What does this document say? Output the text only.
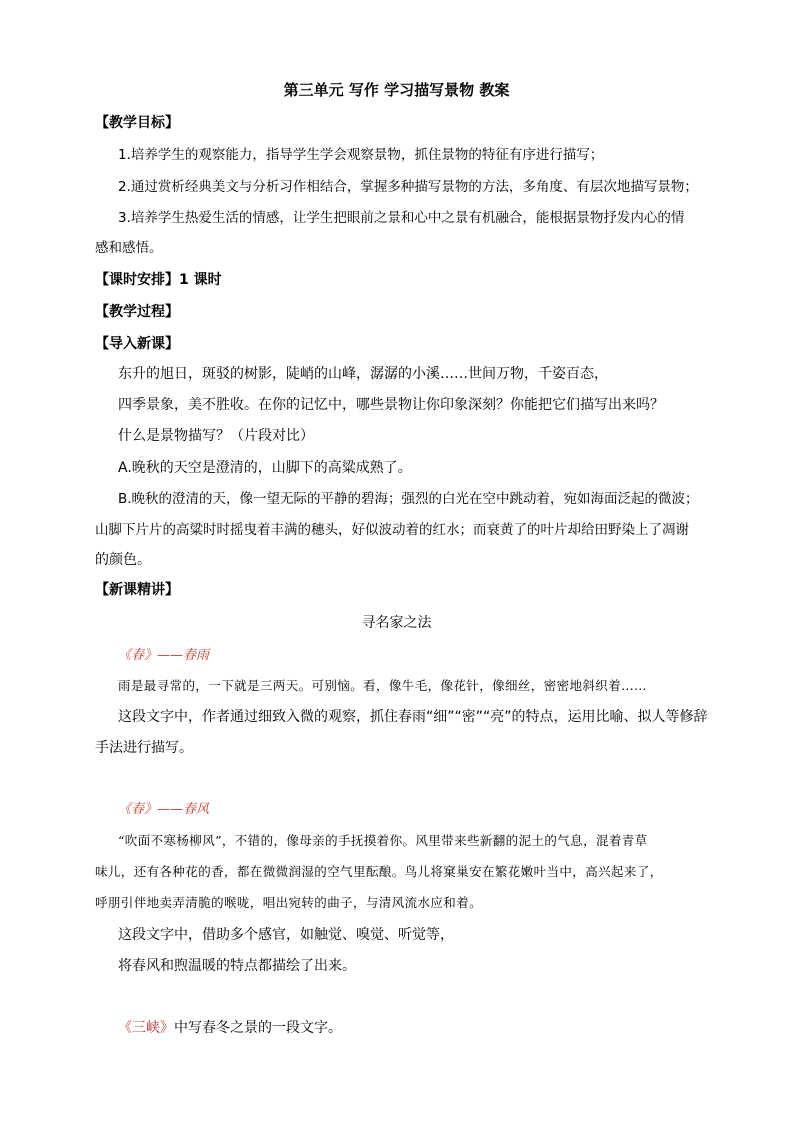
第三单元 写作 学习描写景物 教案
【教学目标】
1.培养学生的观察能力，指导学生学会观察景物，抓住景物的特征有序进行描写；
2.通过赏析经典美文与分析习作相结合，掌握多种描写景物的方法，多角度、有层次地描写景物；
3.培养学生热爱生活的情感，让学生把眼前之景和心中之景有机融合，能根据景物抒发内心的情
感和感悟。
【课时安排】1 课时
【教学过程】
【导入新课】
东升的旭日，斑驳的树影，陡峭的山峰，潺潺的小溪……世间万物，千姿百态，
四季景象，美不胜收。在你的记忆中，哪些景物让你印象深刻？你能把它们描写出来吗？
什么是景物描写？（片段对比）
A.晚秋的天空是澄清的，山脚下的高粱成熟了。
B.晚秋的澄清的天，像一望无际的平静的碧海；强烈的白光在空中跳动着，宛如海面泛起的微波；
山脚下片片的高粱时时摇曳着丰满的穗头，好似波动着的红水；而衰黄了的叶片却给田野染上了凋谢
的颜色。
【新课精讲】
寻名家之法
《春》——春雨
雨是最寻常的，一下就是三两天。可别恼。看，像牛毛，像花针，像细丝，密密地斜织着……
这段文字中，作者通过细致入微的观察，抓住春雨“细”“密”“亮”的特点，运用比喻、拟人等修辞
手法进行描写。
《春》——春风
“吹面不寒杨柳风”，不错的，像母亲的手抚摸着你。风里带来些新翻的泥土的气息，混着青草
味儿，还有各种花的香，都在微微润湿的空气里酝酿。鸟儿将窠巢安在繁花嫩叶当中，高兴起来了，
呼朋引伴地卖弄清脆的喉咙，唱出宛转的曲子，与清风流水应和着。
这段文字中，借助多个感官，如触觉、嗅觉、听觉等，
将春风和煦温暖的特点都描绘了出来。
《三峡》中写春冬之景的一段文字。
